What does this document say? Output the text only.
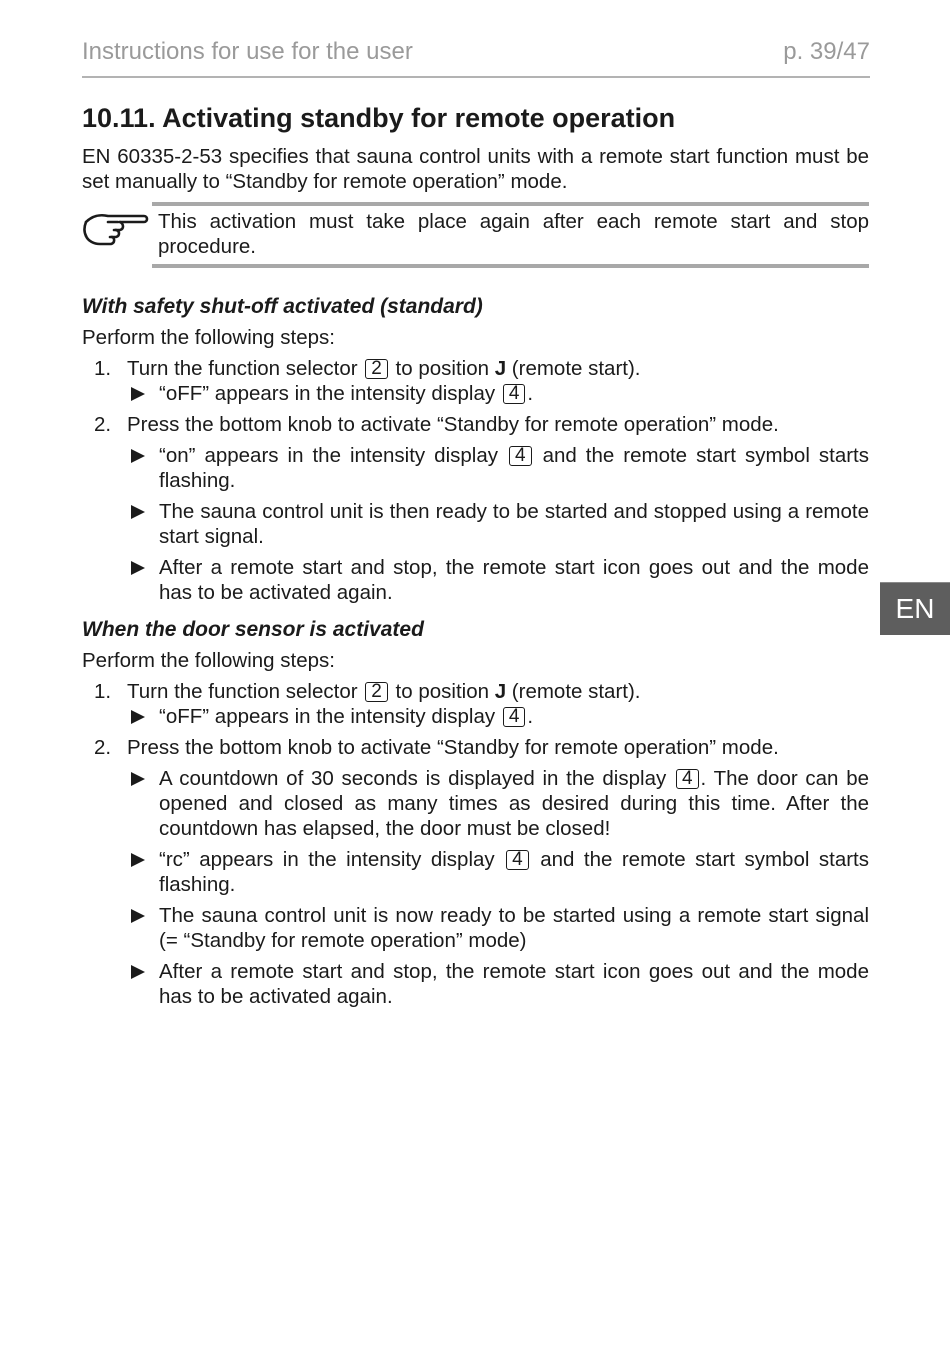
Instructions for use for the user	p. 39/47
EN
10.11. Activating standby for remote operation

EN 60335-2-53 specifies that sauna control units with a remote start function must be set manually to “Standby for remote operation” mode.

This activation must take place again after each remote start and stop procedure.

With safety shut-off activated (standard)

Perform the following steps:

1. Turn the function selector 2 to position J (remote start).
“oFF” appears in the intensity display 4 .
2. Press the bottom knob to activate “Standby for remote operation” mode.
“on” appears in the intensity display 4 and the remote start symbol starts flashing.
The sauna control unit is then ready to be started and stopped using a remote start signal.
After a remote start and stop, the remote start icon goes out and the mode has to be activated again.

When the door sensor is activated

Perform the following steps:

1. Turn the function selector 2 to position J (remote start).
“oFF” appears in the intensity display 4 .
2. Press the bottom knob to activate “Standby for remote operation” mode.
A countdown of 30 seconds is displayed in the display 4 . The door can be opened and closed as many times as desired during this time. After the countdown has elapsed, the door must be closed!
“rc” appears in the intensity display 4 and the remote start symbol starts flashing.
The sauna control unit is now ready to be started using a remote start signal (= “Standby for remote operation” mode)
After a remote start and stop, the remote start icon goes out and the mode has to be activated again.
